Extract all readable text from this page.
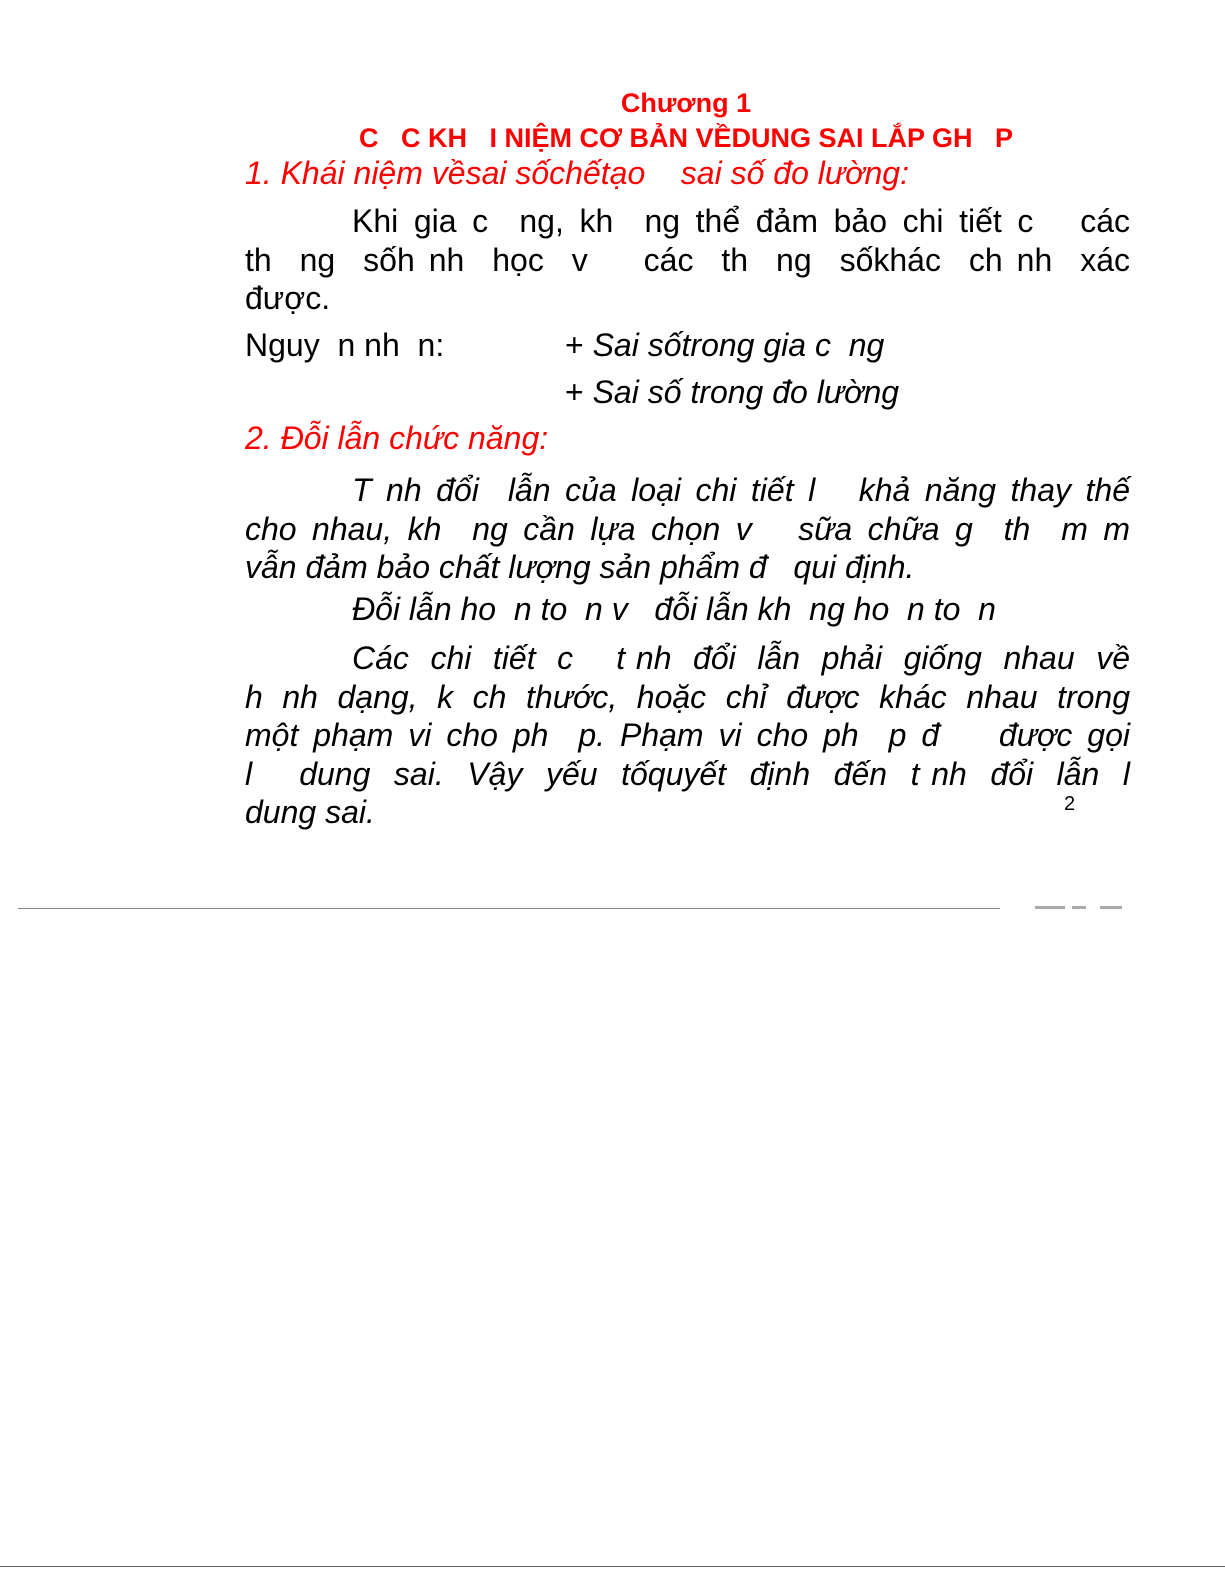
Chương 1
C   C KH   I NIỆM CƠ BẢN VỀDUNG SAI LẮP GH   P
1. Khái niệm vềsai sốchếtạo    sai số đo lường:
Khi gia c  ng, kh  ng thể đảm bảo chi tiết c   các
th  ng  sốh nh  học  v    các  th  ng  sốkhác  ch nh  xác
được.
Nguy  n nh  n:	+ Sai sốtrong gia c  ng
+ Sai số trong đo lường
2. Đỗi lẫn chức năng:
T nh đổi  lẫn của loại chi tiết l   khả năng thay thế
cho nhau, kh  ng cần lựa chọn v   sữa chữa g  th  m m
vẫn đảm bảo chất lượng sản phẩm đ   qui định.
Đỗi lẫn ho  n to  n v   đỗi lẫn kh  ng ho  n to  n
Các  chi  tiết  c    t nh  đổi  lẫn  phải  giống  nhau  về
h nh dạng, k ch thước, hoặc chỉ được khác nhau trong
một phạm vi cho ph  p. Phạm vi cho ph  p đ    được gọi
l    dung  sai.  Vậy  yếu  tốquyết  định  đến  t nh  đổi  lẫn  l
dung sai.	2
